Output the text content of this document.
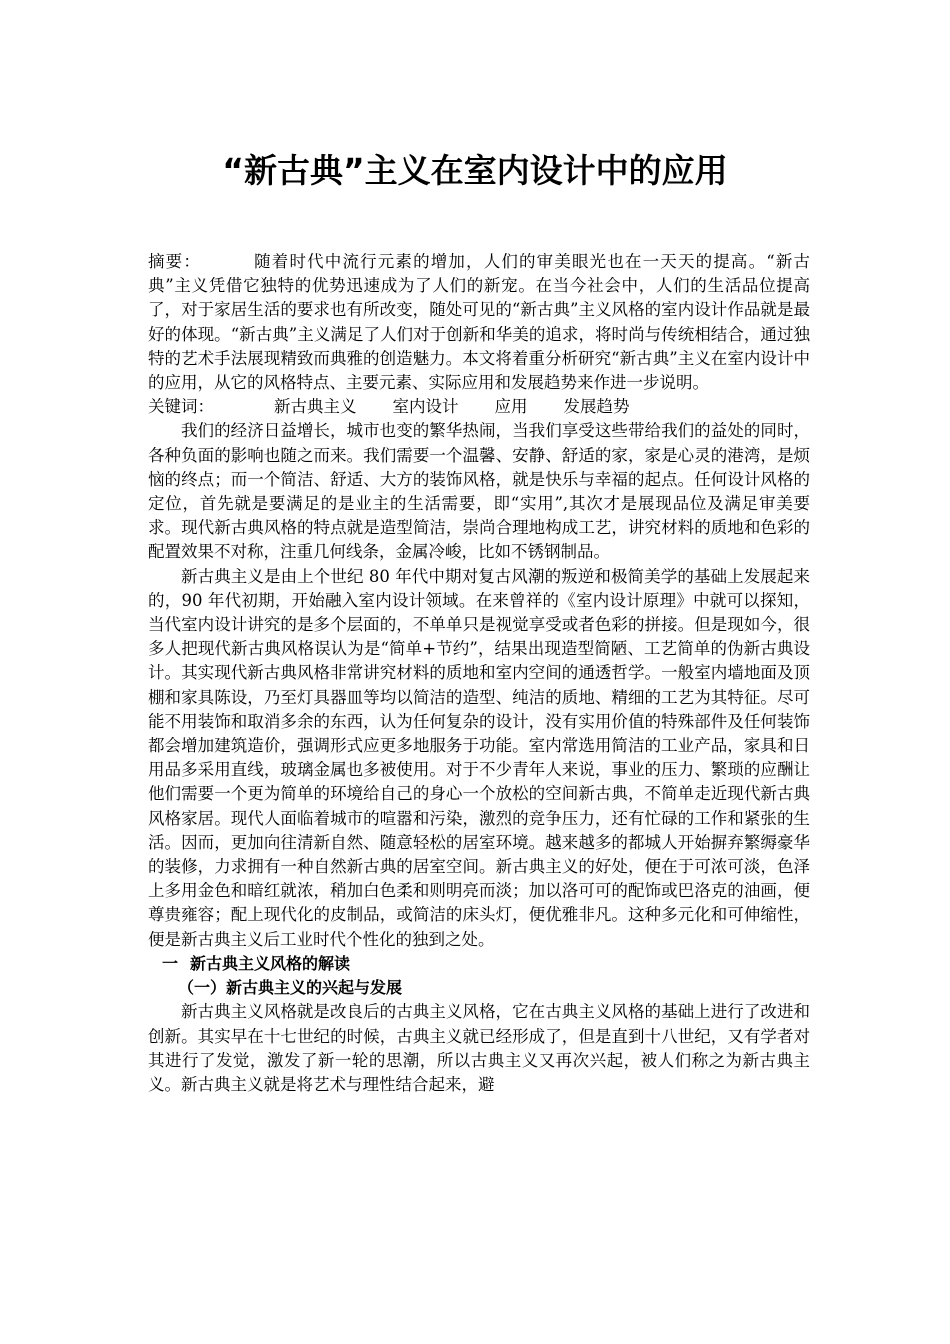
“新古典”主义在室内设计中的应用

摘要：	随着时代中流行元素的增加，人们的审美眼光也在一天天的提高。“新古典”主义凭借它独特的优势迅速成为了人们的新宠。在当今社会中，人们的生活品位提高了，对于家居生活的要求也有所改变，随处可见的“新古典”主义风格的室内设计作品就是最好的体现。“新古典”主义满足了人们对于创新和华美的追求，将时尚与传统相结合，通过独特的艺术手法展现精致而典雅的创造魅力。本文将着重分析研究“新古典”主义在室内设计中的应用，从它的风格特点、主要元素、实际应用和发展趋势来作进一步说明。

关键词：	新古典主义 室内设计 应用 发展趋势

我们的经济日益增长，城市也变的繁华热闹，当我们享受这些带给我们的益处的同时，各种负面的影响也随之而来。我们需要一个温馨、安静、舒适的家，家是心灵的港湾，是烦恼的终点；而一个简洁、舒适、大方的装饰风格，就是快乐与幸福的起点。任何设计风格的定位，首先就是要满足的是业主的生活需要，即“实用”,其次才是展现品位及满足审美要求。现代新古典风格的特点就是造型简洁，崇尚合理地构成工艺，讲究材料的质地和色彩的配置效果不对称，注重几何线条，金属冷峻，比如不锈钢制品。

新古典主义是由上个世纪 80 年代中期对复古风潮的叛逆和极简美学的基础上发展起来的，90 年代初期，开始融入室内设计领域。在来曾祥的《室内设计原理》中就可以探知，当代室内设计讲究的是多个层面的，不单单只是视觉享受或者色彩的拼接。但是现如今，很多人把现代新古典风格误认为是“简单+节约”，结果出现造型简陋、工艺简单的伪新古典设计。其实现代新古典风格非常讲究材料的质地和室内空间的通透哲学。一般室内墙地面及顶棚和家具陈设，乃至灯具器皿等均以简洁的造型、纯洁的质地、精细的工艺为其特征。尽可能不用装饰和取消多余的东西，认为任何复杂的设计，没有实用价值的特殊部件及任何装饰都会增加建筑造价，强调形式应更多地服务于功能。室内常选用简洁的工业产品，家具和日用品多采用直线，玻璃金属也多被使用。对于不少青年人来说，事业的压力、繁琐的应酬让他们需要一个更为简单的环境给自己的身心一个放松的空间新古典，不简单走近现代新古典风格家居。现代人面临着城市的喧嚣和污染，激烈的竞争压力，还有忙碌的工作和紧张的生活。因而，更加向往清新自然、随意轻松的居室环境。越来越多的都城人开始摒弃繁缛豪华的装修，力求拥有一种自然新古典的居室空间。新古典主义的好处，便在于可浓可淡，色泽上多用金色和暗红就浓，稍加白色柔和则明亮而淡；加以洛可可的配饰或巴洛克的油画，便尊贵雍容；配上现代化的皮制品，或简洁的床头灯，便优雅非凡。这种多元化和可伸缩性，便是新古典主义后工业时代个性化的独到之处。

一 新古典主义风格的解读

（一）新古典主义的兴起与发展

新古典主义风格就是改良后的古典主义风格，它在古典主义风格的基础上进行了改进和创新。其实早在十七世纪的时候，古典主义就已经形成了，但是直到十八世纪，又有学者对其进行了发觉，激发了新一轮的思潮，所以古典主义又再次兴起，被人们称之为新古典主义。新古典主义就是将艺术与理性结合起来，避
